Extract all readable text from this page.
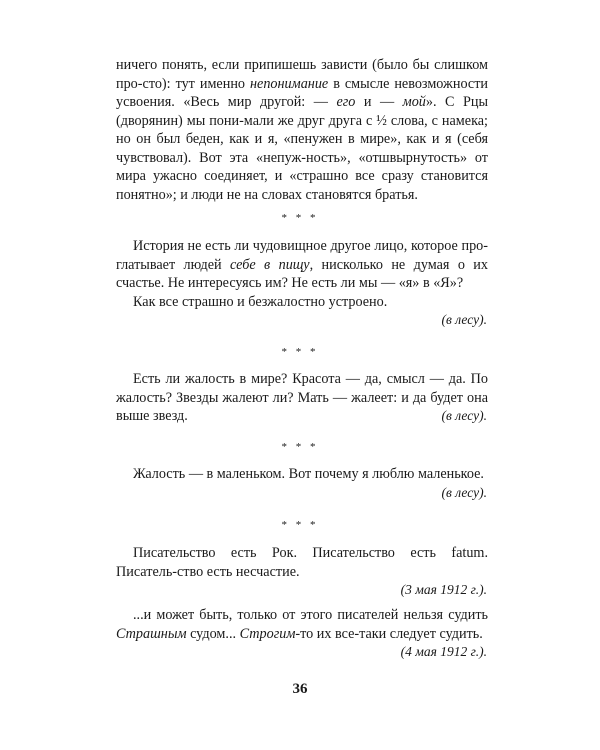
ничего понять, если припишешь зависти (было бы слишком про-сто): тут именно непонимание в смысле невозможности усвоения. «Весь мир другой: — его и — мой». С Рцы (дворянин) мы пони-мали же друг друга с ½ слова, с намека; но он был беден, как и я, «пенужен в мире», как и я (себя чувствовал). Вот эта «непуж-ность», «отшвырнутость» от мира ужасно соединяет, и «страшно все сразу становится понятно»; и люди не на словах становятся братья.

* * *

История не есть ли чудовищное другое лицо, которое про-глатывает людей себе в пищу, нисколько не думая о их счастье. Не интересуясь им? Не есть ли мы — «я» в «Я»?

Как все страшно и безжалостно устроено.

(в лесу).
* * *

Есть ли жалость в мире? Красота — да, смысл — да. По жалость? Звезды жалеют ли? Мать — жалеет: и да будет она выше звезд.	(в лесу).
* * *

Жалость — в маленьком. Вот почему я люблю маленькое.

(в лесу).
* * *

Писательство есть Рок. Писательство есть fatum. Писатель-ство есть несчастие.

(3 мая 1912 г.).

...и может быть, только от этого писателей нельзя судить Страшным судом... Строгим-то их все-таки следует судить.

(4 мая 1912 г.).
36
